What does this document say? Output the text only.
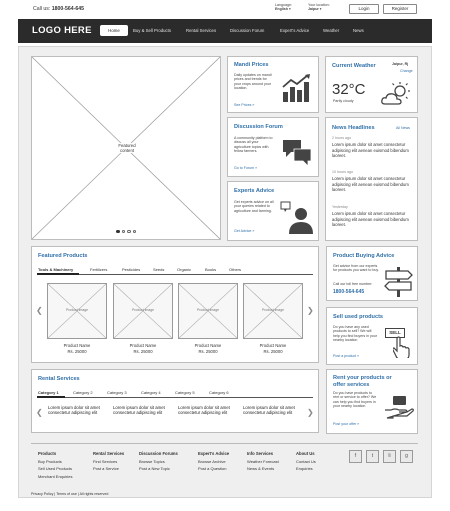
Call us: 1800-564-645
Language:
English ▾
Your location:
Jaipur ▾	Login	Register
LOGO HERE	Home	Buy & Sell Products	Rental Services	Discussion Forum	Expert's Advice	Weather	News
Featured
content
Mandi Prices
Daily updates on mandi prices and trends for your crops around your location.
See Prices »
Discussion Forum
A community platform to discuss all your agriculture topics with fellow farmers.
Go to Forum »
Experts Advice
Get experts advice on all your queries related to agriculture and farming.
Get Advice »
Current Weather	Jaipur, Rj
Change
32°C
Partly cloudy
News Headlines	All News
2 hours ago
Lorem ipsum dolor sit amet consectetur adipiscing elit aenean euismod bibendum laoreet.
10 hours ago
Lorem ipsum dolor sit amet consectetur adipiscing elit aenean euismod bibendum laoreet.
Yesterday
Lorem ipsum dolor sit amet consectetur adipiscing elit aenean euismod bibendum laoreet.
Featured Products
Tools & Machinery	Fertilizers	Pesticides	Seeds	Organic	Books	Others
❮	❯
Product Image	Product Image	Product Image	Product Image
Product Name
Rs. 25000
Product Name
Rs. 25000
Product Name
Rs. 25000
Product Name
Rs. 25000
Product Buying Advice
Get advice from our experts for products you want to buy.
Call our toll free number:
1800-564-645
Sell used products
Do you have any used products to sell? We will help you find buyers in your nearby location
Post a product »
SELL
Rental Services
Category 1	Category 2	Category 3	Category 4	Category 5	Category 6
❮	❯
Lorem ipsum dolor sit amet consectetur adipiscing elit
Lorem ipsum dolor sit amet consectetur adipiscing elit
Lorem ipsum dolor sit amet consectetur adipiscing elit
Lorem ipsum dolor sit amet consectetur adipiscing elit
Rent your products or offer services
Do you have products to rent or service to offer? We can help you find buyers in your nearby location
Post your offer »
Products
Buy Products
Sell Used Products
Merchant Enquiries
Rental Services
Find Services
Post a Service
Discussion Forums
Browse Topics
Post a New Topic
Expert's Advice
Browse Archive
Post a Question
Info Services
Weather Forecast
News & Events
About Us
Contact Us
Enquiries
f	t	li	g
Privacy Policy | Terms of use | All rights reserved
